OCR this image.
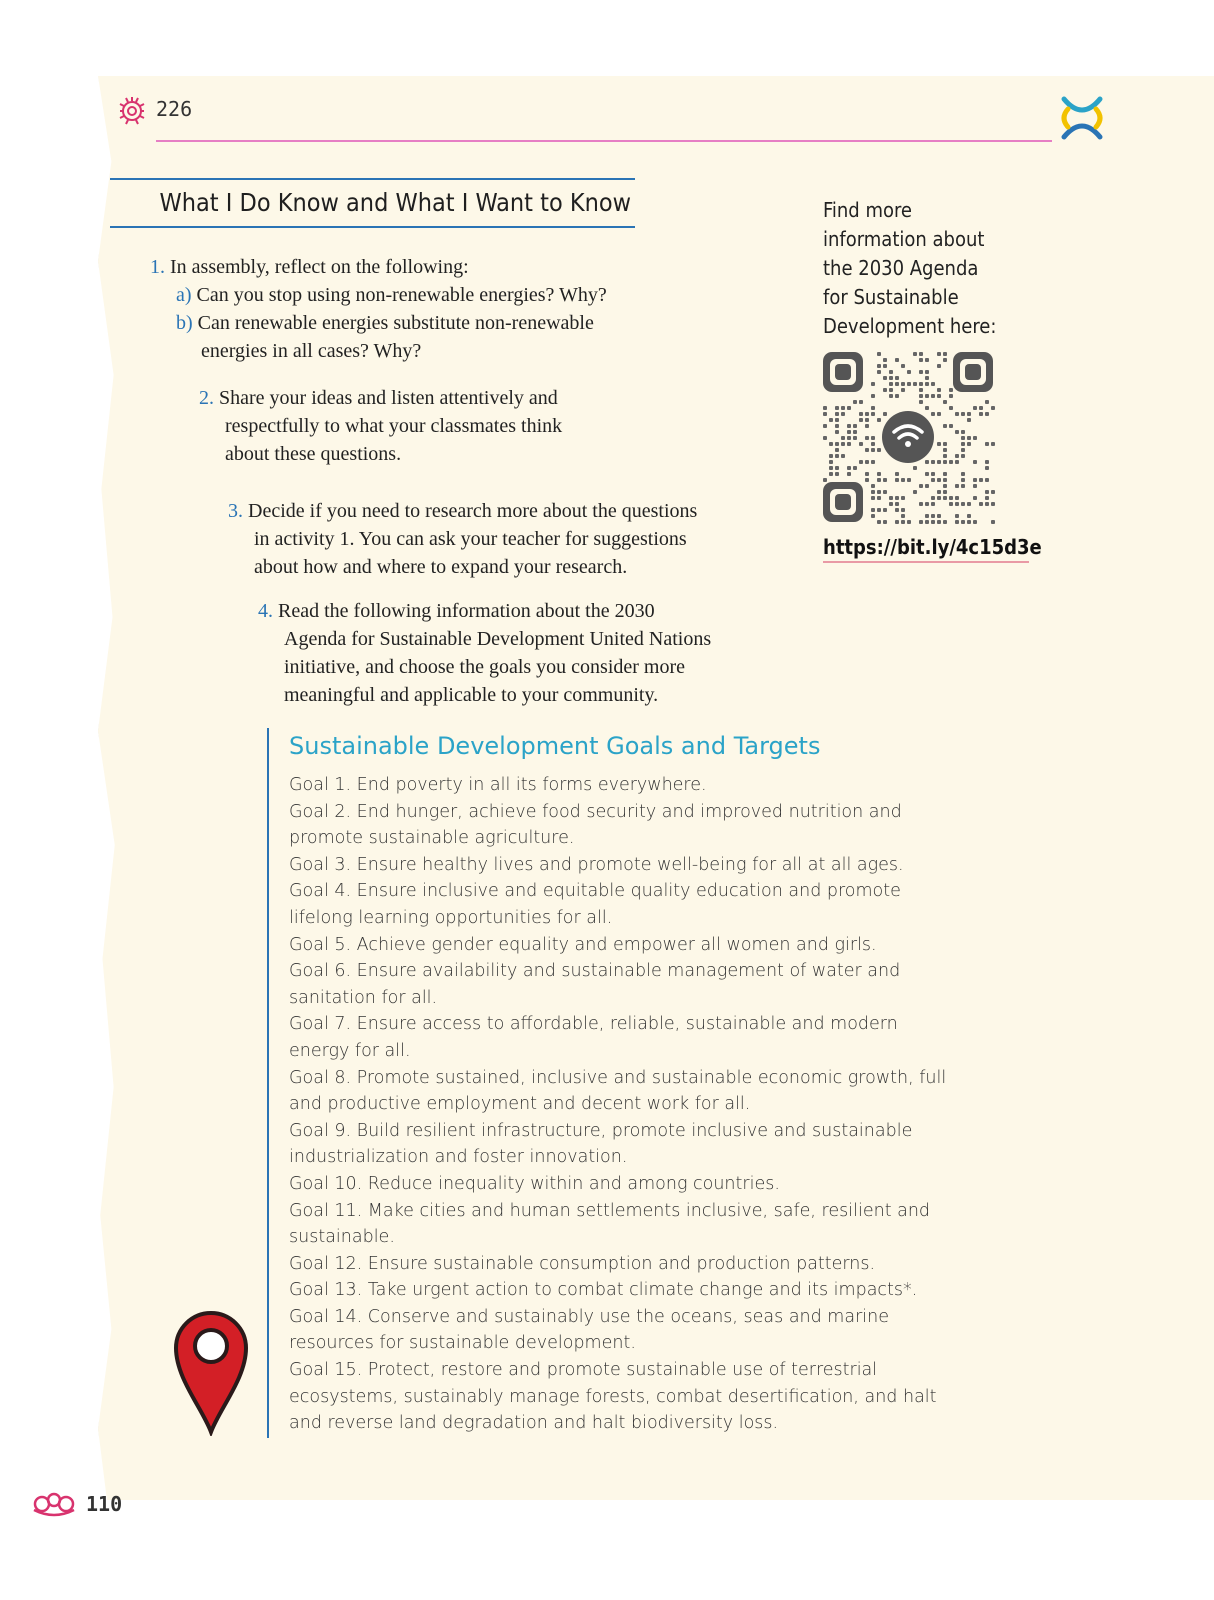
226
What I Do Know and What I Want to Know
1. In assembly, reflect on the following:
a) Can you stop using non-renewable energies? Why?
b) Can renewable energies substitute non-renewable
energies in all cases? Why?
2. Share your ideas and listen attentively and
respectfully to what your classmates think
about these questions.
3. Decide if you need to research more about the questions
in activity 1. You can ask your teacher for suggestions
about how and where to expand your research.
4. Read the following information about the 2030
Agenda for Sustainable Development United Nations
initiative, and choose the goals you consider more
meaningful and applicable to your community.
Find more
information about
the 2030 Agenda
for Sustainable
Development here:
https://bit.ly/4c15d3e
Sustainable Development Goals and Targets
Goal 1. End poverty in all its forms everywhere.
Goal 2. End hunger, achieve food security and improved nutrition and
promote sustainable agriculture.
Goal 3. Ensure healthy lives and promote well-being for all at all ages.
Goal 4. Ensure inclusive and equitable quality education and promote
lifelong learning opportunities for all.
Goal 5. Achieve gender equality and empower all women and girls.
Goal 6. Ensure availability and sustainable management of water and
sanitation for all.
Goal 7. Ensure access to affordable, reliable, sustainable and modern
energy for all.
Goal 8. Promote sustained, inclusive and sustainable economic growth, full
and productive employment and decent work for all.
Goal 9. Build resilient infrastructure, promote inclusive and sustainable
industrialization and foster innovation.
Goal 10. Reduce inequality within and among countries.
Goal 11. Make cities and human settlements inclusive, safe, resilient and
sustainable.
Goal 12. Ensure sustainable consumption and production patterns.
Goal 13. Take urgent action to combat climate change and its impacts*.
Goal 14. Conserve and sustainably use the oceans, seas and marine
resources for sustainable development.
Goal 15. Protect, restore and promote sustainable use of terrestrial
ecosystems, sustainably manage forests, combat desertification, and halt
and reverse land degradation and halt biodiversity loss.
110
